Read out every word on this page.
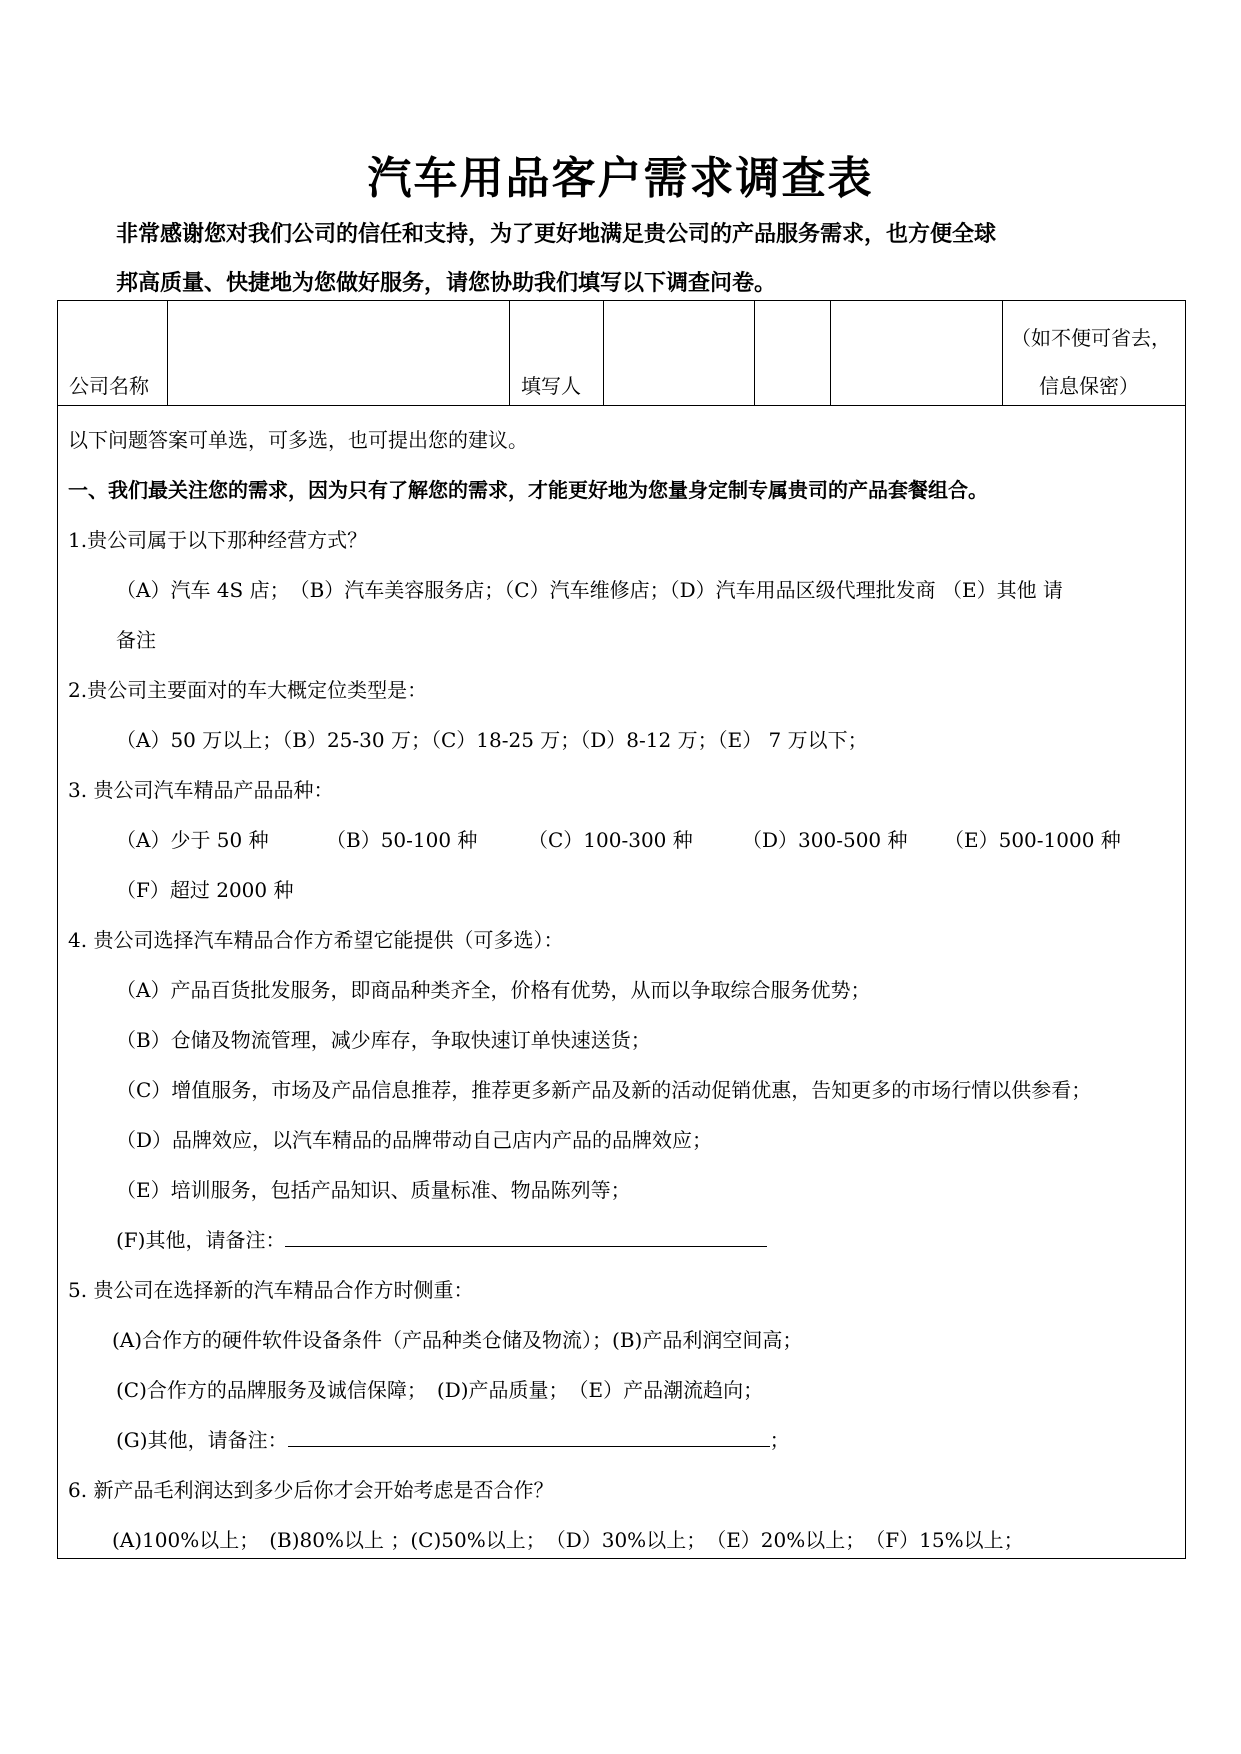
汽车用品客户需求调查表
非常感谢您对我们公司的信任和支持，为了更好地满足贵公司的产品服务需求，也方便全球
邦高质量、快捷地为您做好服务，请您协助我们填写以下调查问卷。
公司名称	填写人
（如不便可省去，
信息保密）
以下问题答案可单选，可多选，也可提出您的建议。
一、我们最关注您的需求，因为只有了解您的需求，才能更好地为您量身定制专属贵司的产品套餐组合。
1.贵公司属于以下那种经营方式？
（A）汽车 4S 店；　（B）汽车美容服务店；（C）汽车维修店；（D）汽车用品区级代理批发商 （E）其他 请
备注
2.贵公司主要面对的车大概定位类型是：
（A）50 万以上；（B）25-30 万；（C）18-25 万；（D）8-12 万；（E） 7 万以下；
3. 贵公司汽车精品产品品种：
（A）少于 50 种	（B）50-100 种	（C）100-300 种 （D）300-500 种 （E）500-1000 种
（F）超过 2000 种
4. 贵公司选择汽车精品合作方希望它能提供（可多选）：
（A）产品百货批发服务，即商品种类齐全，价格有优势，从而以争取综合服务优势；
（B）仓储及物流管理，减少库存，争取快速订单快速送货；
（C）增值服务，市场及产品信息推荐，推荐更多新产品及新的活动促销优惠，告知更多的市场行情以供参看；
（D）品牌效应，以汽车精品的品牌带动自己店内产品的品牌效应；
（E）培训服务，包括产品知识、质量标准、物品陈列等；
(F)其他，请备注：
5. 贵公司在选择新的汽车精品合作方时侧重：
(A)合作方的硬件软件设备条件（产品种类仓储及物流）；(B)产品利润空间高；
(C)合作方的品牌服务及诚信保障；　(D)产品质量；　（E）产品潮流趋向；
(G)其他，请备注：	；
6. 新产品毛利润达到多少后你才会开始考虑是否合作？
(A)100%以上；　(B)80%以上 ；(C)50%以上；　（D）30%以上；　（E）20%以上；　（F）15%以上；
